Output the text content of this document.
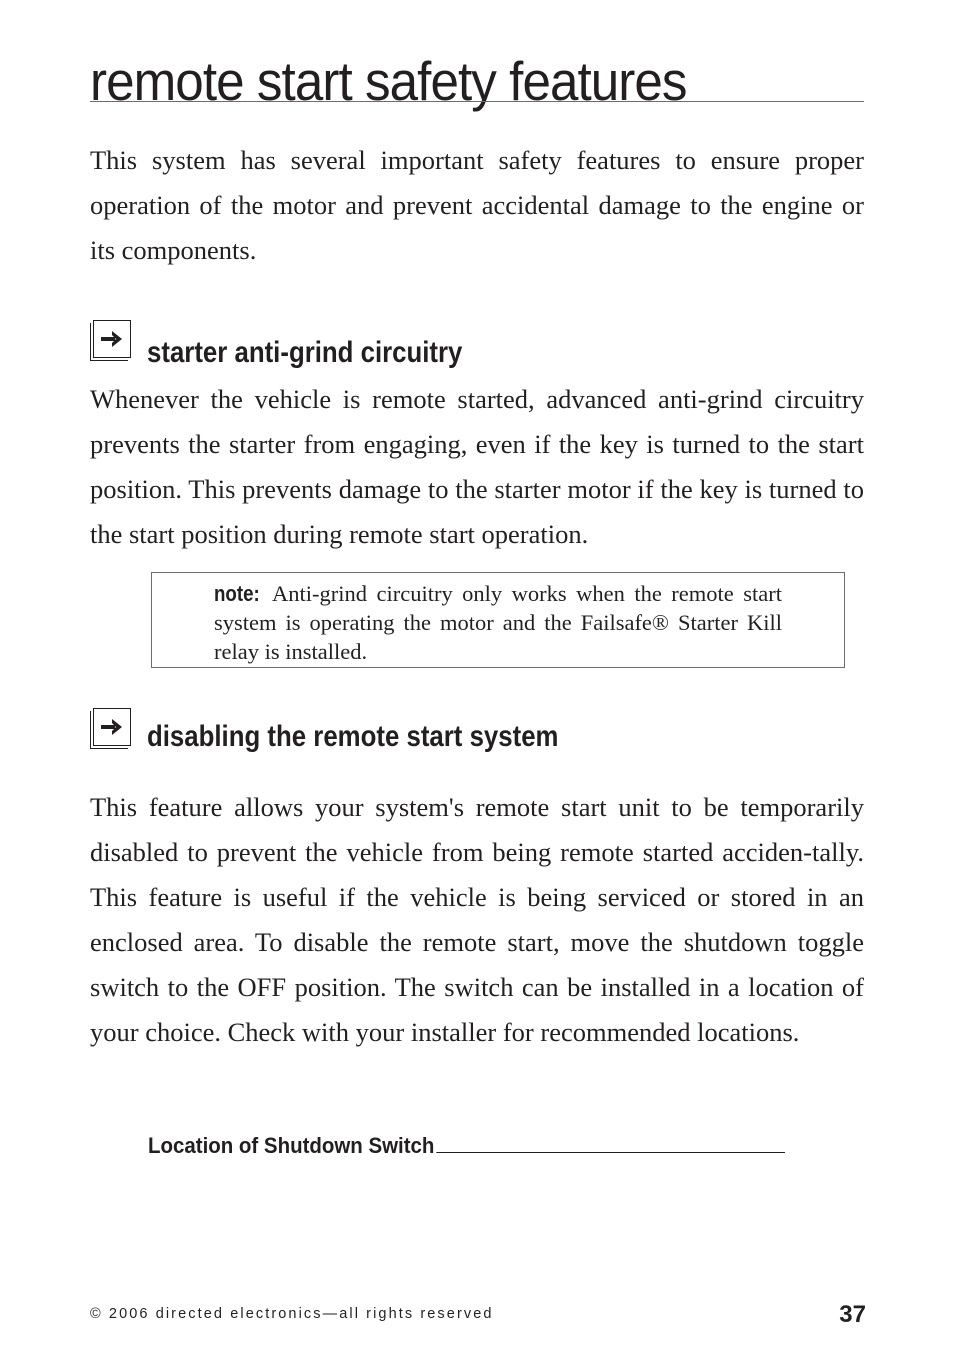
remote start safety features

This system has several important safety features to ensure proper operation of the motor and prevent accidental damage to the engine or its components.

starter anti-grind circuitry

Whenever the vehicle is remote started, advanced anti-grind circuitry prevents the starter from engaging, even if the key is turned to the start position. This prevents damage to the starter motor if the key is turned to the start position during remote start operation.

note: Anti-grind circuitry only works when the remote start system is operating the motor and the Failsafe® Starter Kill relay is installed.

disabling the remote start system

This feature allows your system's remote start unit to be temporarily disabled to prevent the vehicle from being remote started acciden-tally. This feature is useful if the vehicle is being serviced or stored in an enclosed area. To disable the remote start, move the shutdown toggle switch to the OFF position. The switch can be installed in a location of your choice. Check with your installer for recommended locations.

Location of Shutdown Switch
© 2006 directed electronics—all rights reserved	37
